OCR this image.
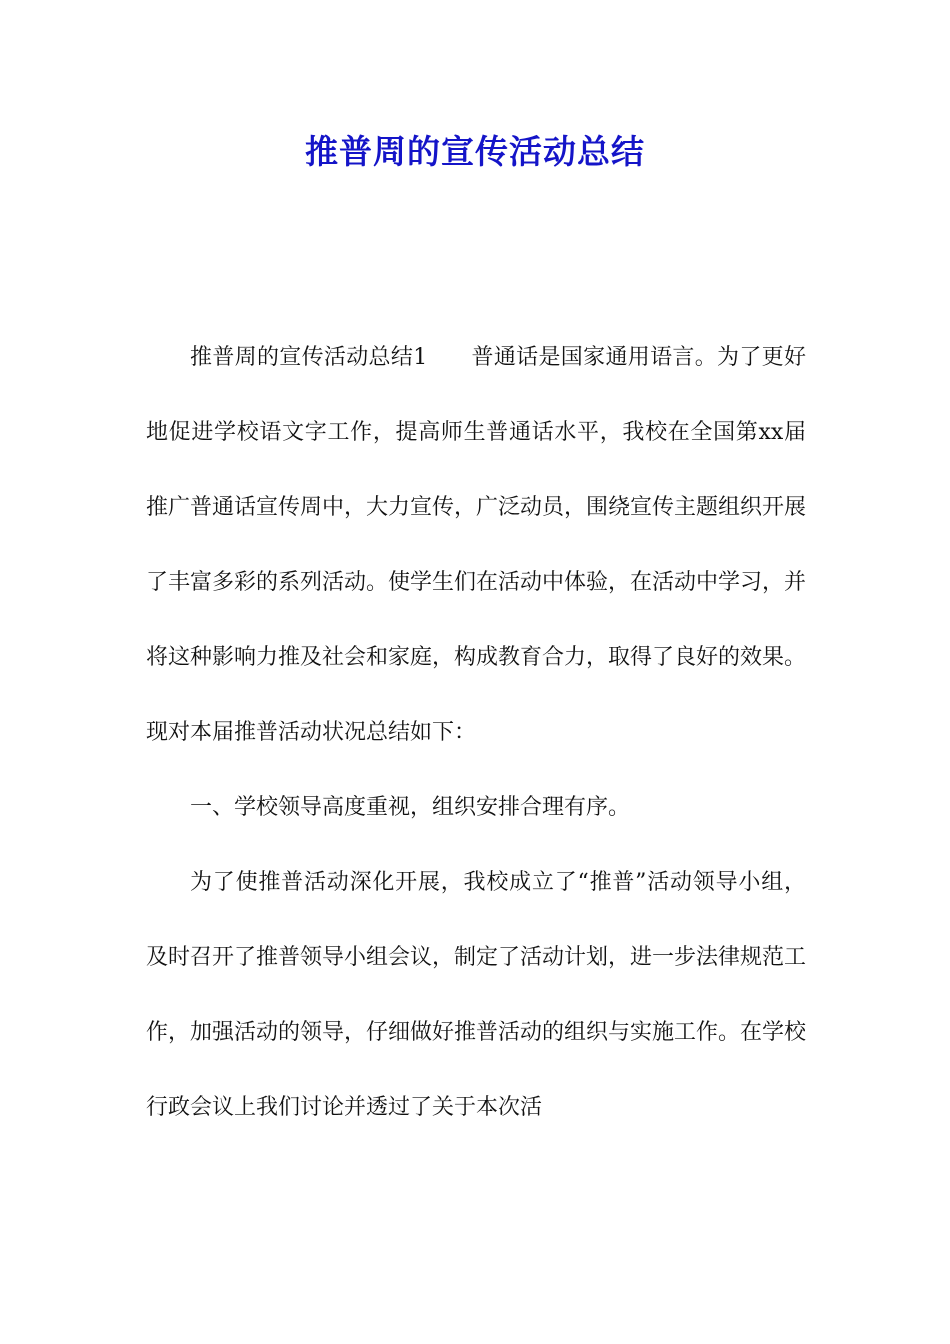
推普周的宣传活动总结

推普周的宣传活动总结1 普通话是国家通用语言。为了更好地促进学校语文字工作，提高师生普通话水平，我校在全国第xx届推广普通话宣传周中，大力宣传，广泛动员，围绕宣传主题组织开展了丰富多彩的系列活动。使学生们在活动中体验，在活动中学习，并将这种影响力推及社会和家庭，构成教育合力，取得了良好的效果。现对本届推普活动状况总结如下：

一、学校领导高度重视，组织安排合理有序。

为了使推普活动深化开展，我校成立了“推普”活动领导小组，及时召开了推普领导小组会议，制定了活动计划，进一步法律规范工作，加强活动的领导，仔细做好推普活动的组织与实施工作。在学校行政会议上我们讨论并透过了关于本次活
